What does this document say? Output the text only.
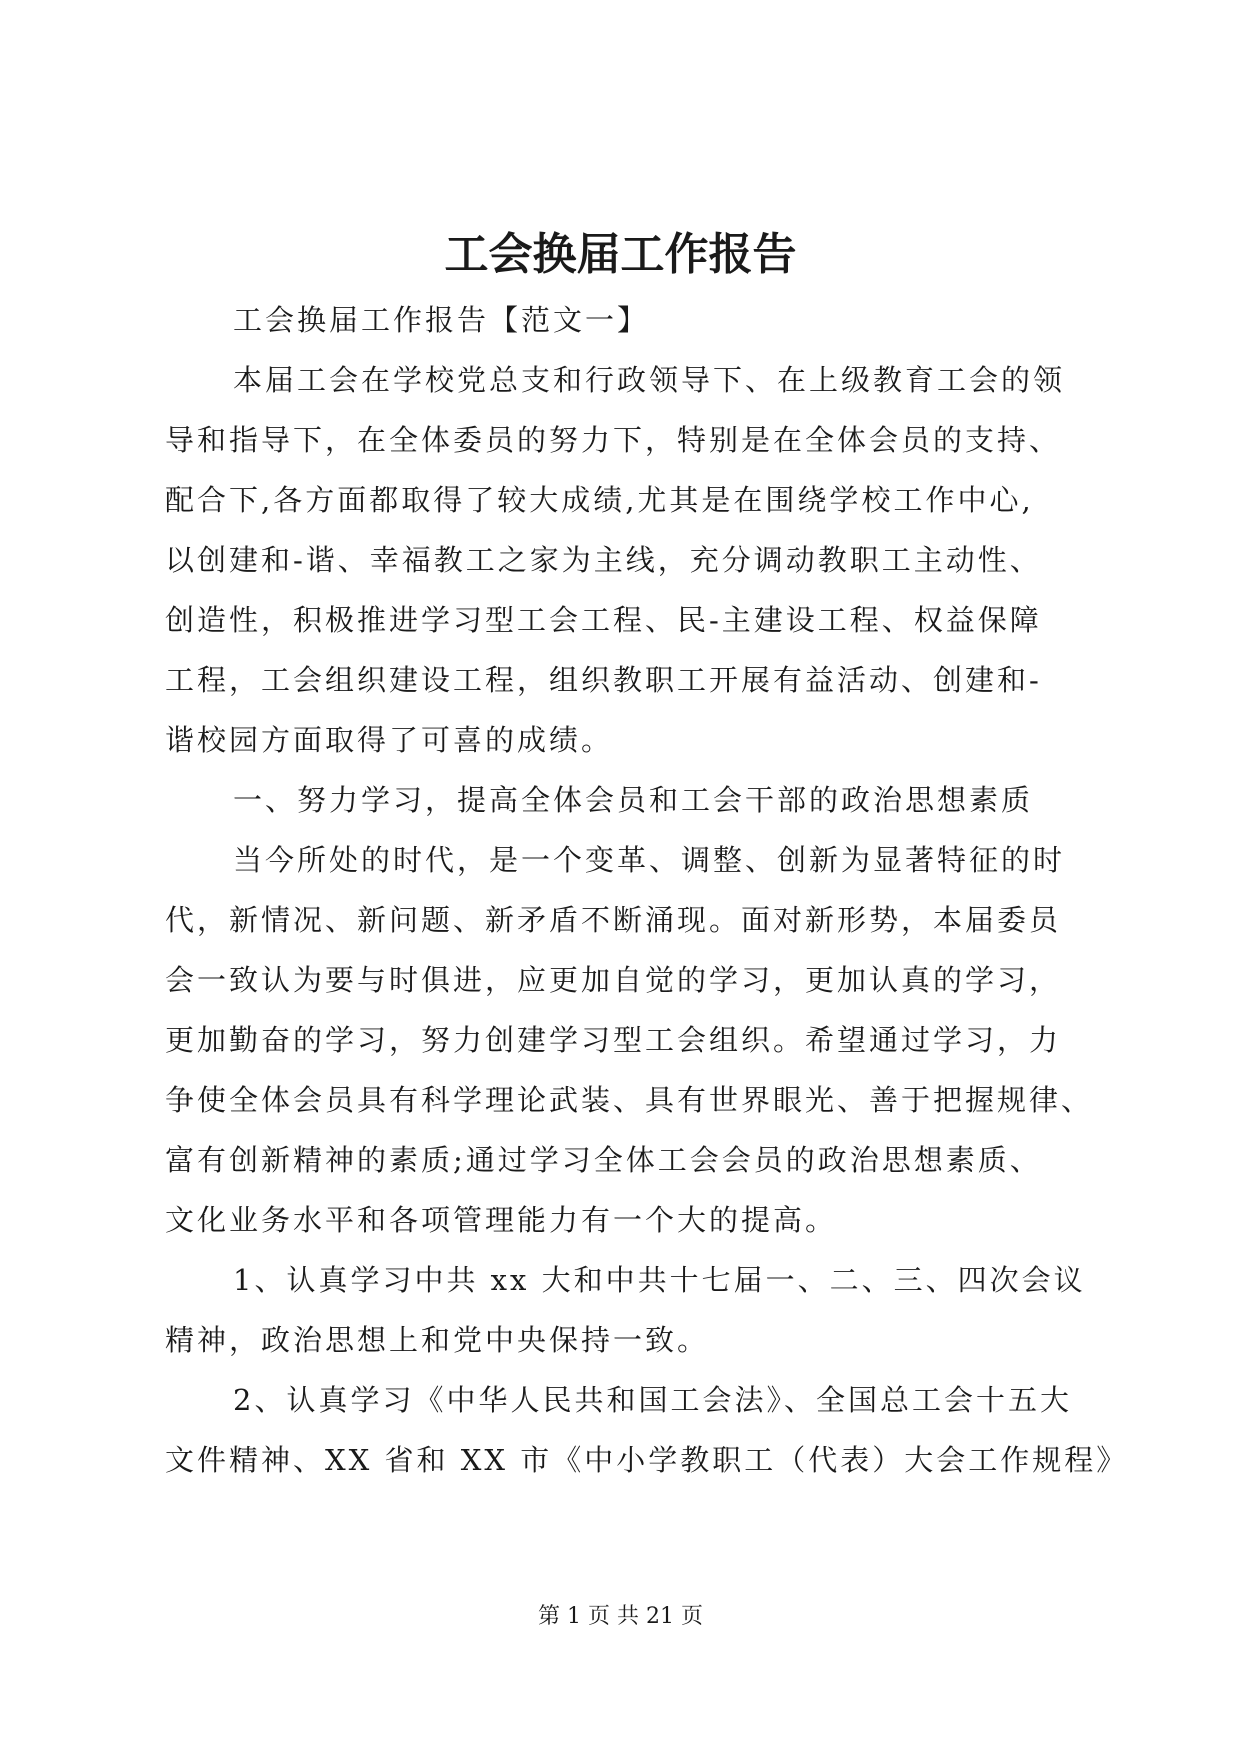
工会换届工作报告

工会换届工作报告【范文一】

本届工会在学校党总支和行政领导下、在上级教育工会的领

导和指导下，在全体委员的努力下，特别是在全体会员的支持、

配合下,各方面都取得了较大成绩,尤其是在围绕学校工作中心,

以创建和-谐、幸福教工之家为主线，充分调动教职工主动性、

创造性，积极推进学习型工会工程、民-主建设工程、权益保障

工程，工会组织建设工程，组织教职工开展有益活动、创建和-

谐校园方面取得了可喜的成绩。

一、努力学习，提高全体会员和工会干部的政治思想素质

当今所处的时代，是一个变革、调整、创新为显著特征的时

代，新情况、新问题、新矛盾不断涌现。面对新形势，本届委员

会一致认为要与时俱进，应更加自觉的学习，更加认真的学习，

更加勤奋的学习，努力创建学习型工会组织。希望通过学习，力

争使全体会员具有科学理论武装、具有世界眼光、善于把握规律、

富有创新精神的素质;通过学习全体工会会员的政治思想素质、

文化业务水平和各项管理能力有一个大的提高。

1、认真学习中共 xx 大和中共十七届一、二、三、四次会议

精神，政治思想上和党中央保持一致。

2、认真学习《中华人民共和国工会法》、全国总工会十五大

文件精神、XX 省和 XX 市《中小学教职工（代表）大会工作规程》

第 1 页 共 21 页
